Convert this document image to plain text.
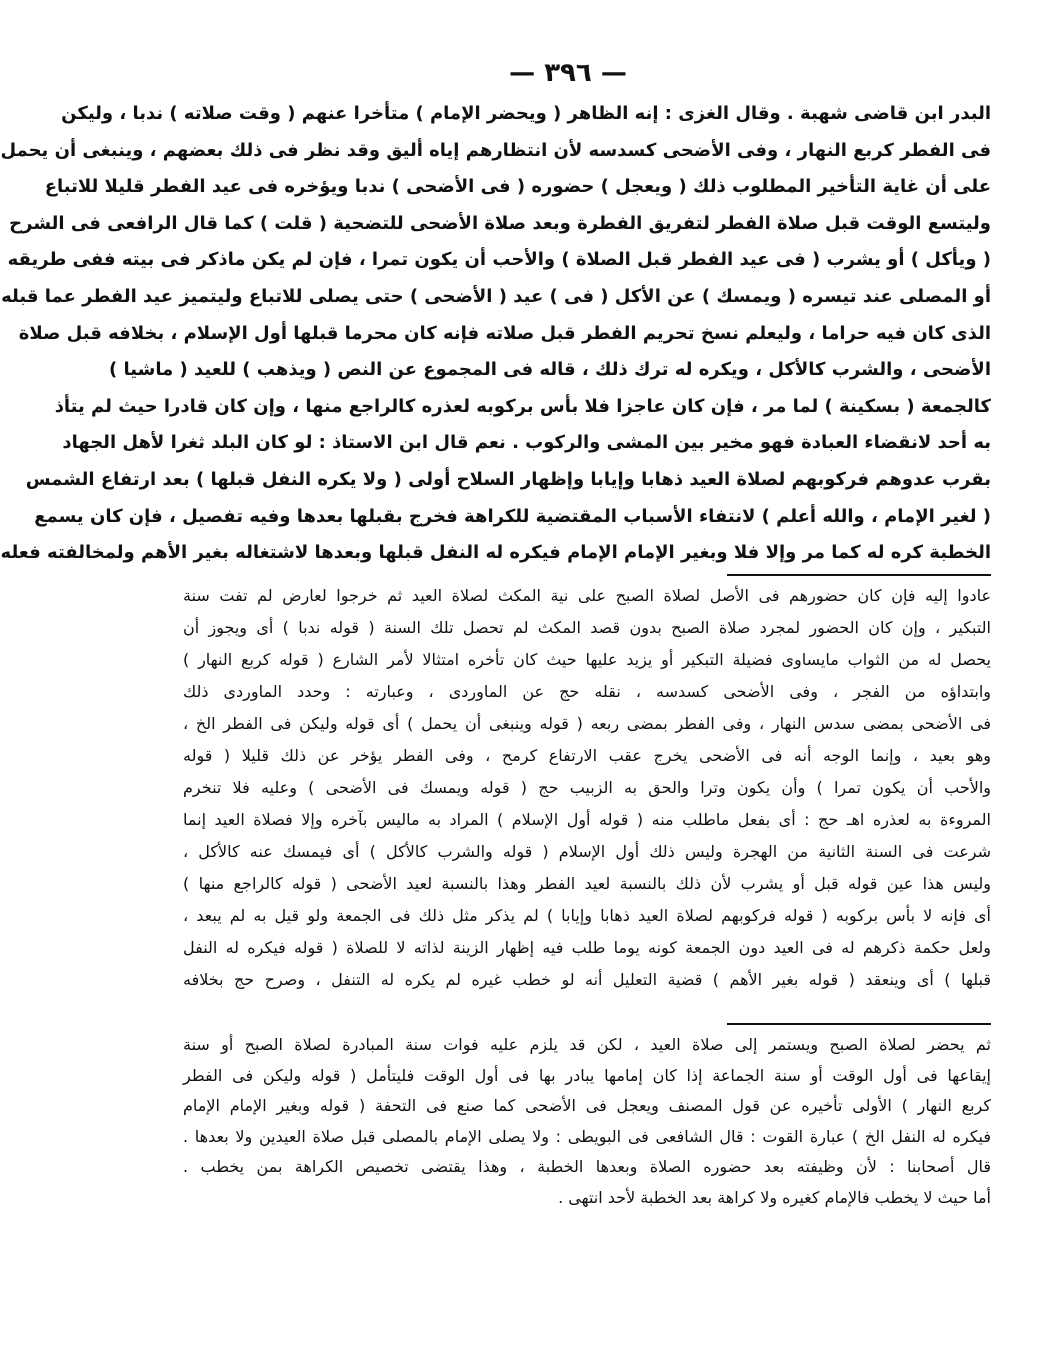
— ٣٩٦ —
البدر ابن قاضى شهبة . وقال الغزى : إنه الظاهر ( ويحضر الإمام ) متأخرا عنهم ( وقت صلاته ) ندبا ، وليكن
فى الفطر كربع النهار ، وفى الأضحى كسدسه لأن انتظارهم إياه أليق وقد نظر فى ذلك بعضهم ، وينبغى أن يحمل
على أن غاية التأخير المطلوب ذلك ( ويعجل ) حضوره ( فى الأضحى ) ندبا ويؤخره فى عيد الفطر قليلا للاتباع
وليتسع الوقت قبل صلاة الفطر لتفريق الفطرة وبعد صلاة الأضحى للتضحية ( قلت ) كما قال الرافعى فى الشرح
( ويأكل ) أو يشرب ( فى عيد الفطر قبل الصلاة ) والأحب أن يكون تمرا ، فإن لم يكن ماذكر فى بيته ففى طريقه
أو المصلى عند تيسره ( ويمسك ) عن الأكل ( فى ) عيد ( الأضحى ) حتى يصلى للاتباع وليتميز عيد الفطر عما قبله
الذى كان فيه حراما ، وليعلم نسخ تحريم الفطر قبل صلاته فإنه كان محرما قبلها أول الإسلام ، بخلافه قبل صلاة
الأضحى ، والشرب كالأكل ، ويكره له ترك ذلك ، قاله فى المجموع عن النص ( ويذهب ) للعيد ( ماشيا )
كالجمعة ( بسكينة ) لما مر ، فإن كان عاجزا فلا بأس بركوبه لعذره كالراجع منها ، وإن كان قادرا حيث لم يتأذ
به أحد لانقضاء العبادة فهو مخير بين المشى والركوب . نعم قال ابن الاستاذ : لو كان البلد ثغرا لأهل الجهاد
بقرب عدوهم فركوبهم لصلاة العيد ذهابا وإيابا وإظهار السلاح أولى ( ولا يكره النفل قبلها ) بعد ارتفاع الشمس
( لغير الإمام ، والله أعلم ) لانتفاء الأسباب المقتضية للكراهة فخرج بقبلها بعدها وفيه تفصيل ، فإن كان يسمع
الخطبة كره له كما مر وإلا فلا وبغير الإمام الإمام فيكره له النفل قبلها وبعدها لاشتغاله بغير الأهم ولمخالفته فعله
عادوا إليه فإن كان حضورهم فى الأصل لصلاة الصبح على نية المكث لصلاة العيد ثم خرجوا لعارض لم تفت سنة
التبكير ، وإن كان الحضور لمجرد صلاة الصبح بدون قصد المكث لم تحصل تلك السنة ( قوله ندبا ) أى ويجوز أن
يحصل له من الثواب مايساوى فضيلة التبكير أو يزيد عليها حيث كان تأخره امتثالا لأمر الشارع ( قوله كربع النهار )
وابتداؤه من الفجر ، وفى الأضحى كسدسه ، نقله حج عن الماوردى ، وعبارته : وحدد الماوردى ذلك
فى الأضحى بمضى سدس النهار ، وفى الفطر بمضى ربعه ( قوله وينبغى أن يحمل ) أى قوله وليكن فى الفطر الخ ،
وهو بعيد ، وإنما الوجه أنه فى الأضحى يخرج عقب الارتفاع كرمح ، وفى الفطر يؤخر عن ذلك قليلا ( قوله
والأحب أن يكون تمرا ) وأن يكون وترا والحق به الزبيب حج ( قوله ويمسك فى الأضحى ) وعليه فلا تنخرم
المروءة به لعذره اهـ حج : أى بفعل ماطلب منه ( قوله أول الإسلام ) المراد به ماليس بآخره وإلا فصلاة العيد إنما
شرعت فى السنة الثانية من الهجرة وليس ذلك أول الإسلام ( قوله والشرب كالأكل ) أى فيمسك عنه كالأكل ،
وليس هذا عين قوله قبل أو يشرب لأن ذلك بالنسبة لعيد الفطر وهذا بالنسبة لعيد الأضحى ( قوله كالراجع منها )
أى فإنه لا بأس بركوبه ( قوله فركوبهم لصلاة العيد ذهابا وإيابا ) لم يذكر مثل ذلك فى الجمعة ولو قيل به لم يبعد ،
ولعل حكمة ذكرهم له فى العيد دون الجمعة كونه يوما طلب فيه إظهار الزينة لذاته لا للصلاة ( قوله فيكره له النفل
قبلها ) أى وينعقد ( قوله بغير الأهم ) قضية التعليل أنه لو خطب غيره لم يكره له التنفل ، وصرح حج بخلافه
ثم يحضر لصلاة الصبح ويستمر إلى صلاة العيد ، لكن قد يلزم عليه فوات سنة المبادرة لصلاة الصبح أو سنة
إيقاعها فى أول الوقت أو سنة الجماعة إذا كان إمامها يبادر بها فى أول الوقت فليتأمل ( قوله وليكن فى الفطر
كربع النهار ) الأولى تأخيره عن قول المصنف ويعجل فى الأضحى كما صنع فى التحفة ( قوله وبغير الإمام الإمام
فيكره له النفل الخ ) عبارة القوت : قال الشافعى فى البويطى : ولا يصلى الإمام بالمصلى قبل صلاة العيدين ولا بعدها .
قال أصحابنا : لأن وظيفته بعد حضوره الصلاة وبعدها الخطبة ، وهذا يقتضى تخصيص الكراهة بمن يخطب .
أما حيث لا يخطب فالإمام كغيره ولا كراهة بعد الخطبة لأحد انتهى .
